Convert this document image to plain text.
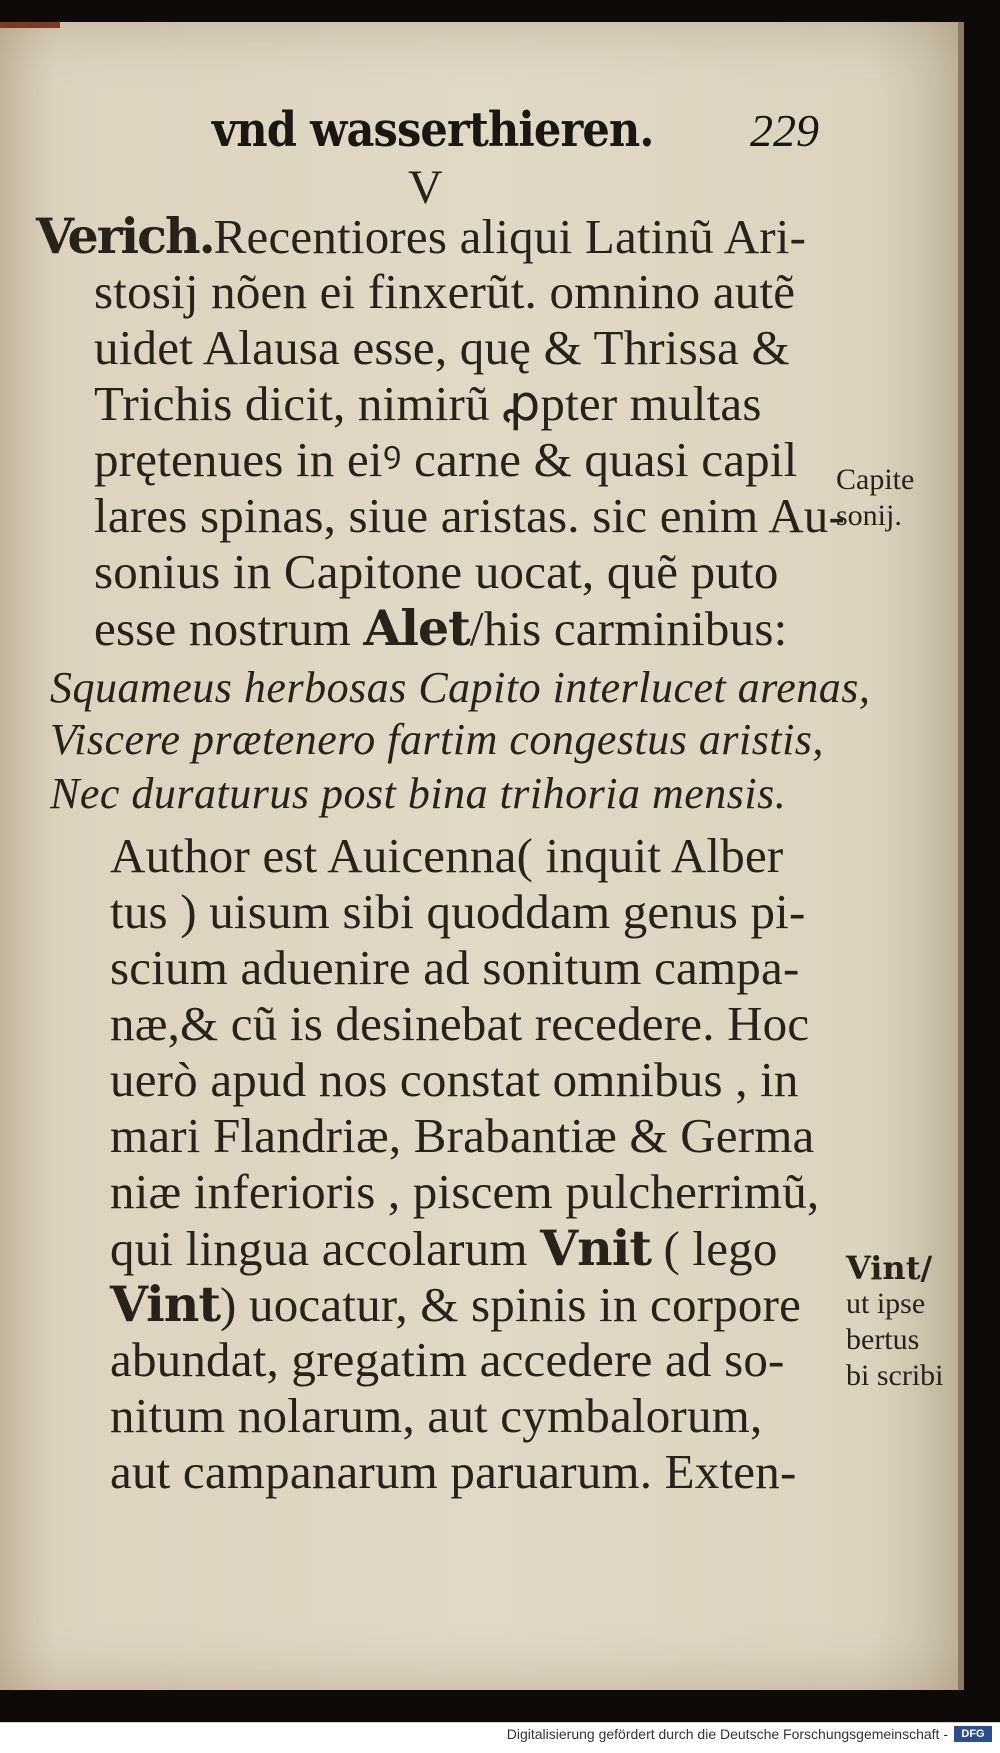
vnd wasserthieren. 229
V
Verich.Recentiores aliqui Latinũ Ari-
stosij nõen ei finxerũt. omnino autẽ
uidet Alausa esse, quę & Thrissa &
Trichis dicit, nimirũ ꝓpter multas
prętenues in eiꝰ carne & quasi capil
lares spinas, siue aristas. sic enim Au-
sonius in Capitone uocat, quẽ puto
esse nostrum Alet/his carminibus:
Squameus herbosas Capito interlucet arenas,
Viscere prætenero fartim congestus aristis,
Nec duraturus post bina trihoria mensis.
Author est Auicenna( inquit Alber
tus ) uisum sibi quoddam genus pi-
scium aduenire ad sonitum campa-
næ,& cũ is desinebat recedere. Hoc
uerò apud nos constat omnibus , in
mari Flandriæ, Brabantiæ & Germa
niæ inferioris , piscem pulcherrimũ,
qui lingua accolarum Vnit ( lego
Vint) uocatur, & spinis in corpore
abundat, gregatim accedere ad so-
nitum nolarum, aut cymbalorum,
aut campanarum paruarum. Exten-
Capite
sonij.
Vint/
ut ipse
bertus
bi scribi
Digitalisierung gefördert durch die Deutsche Forschungsgemeinschaft -	DFG
